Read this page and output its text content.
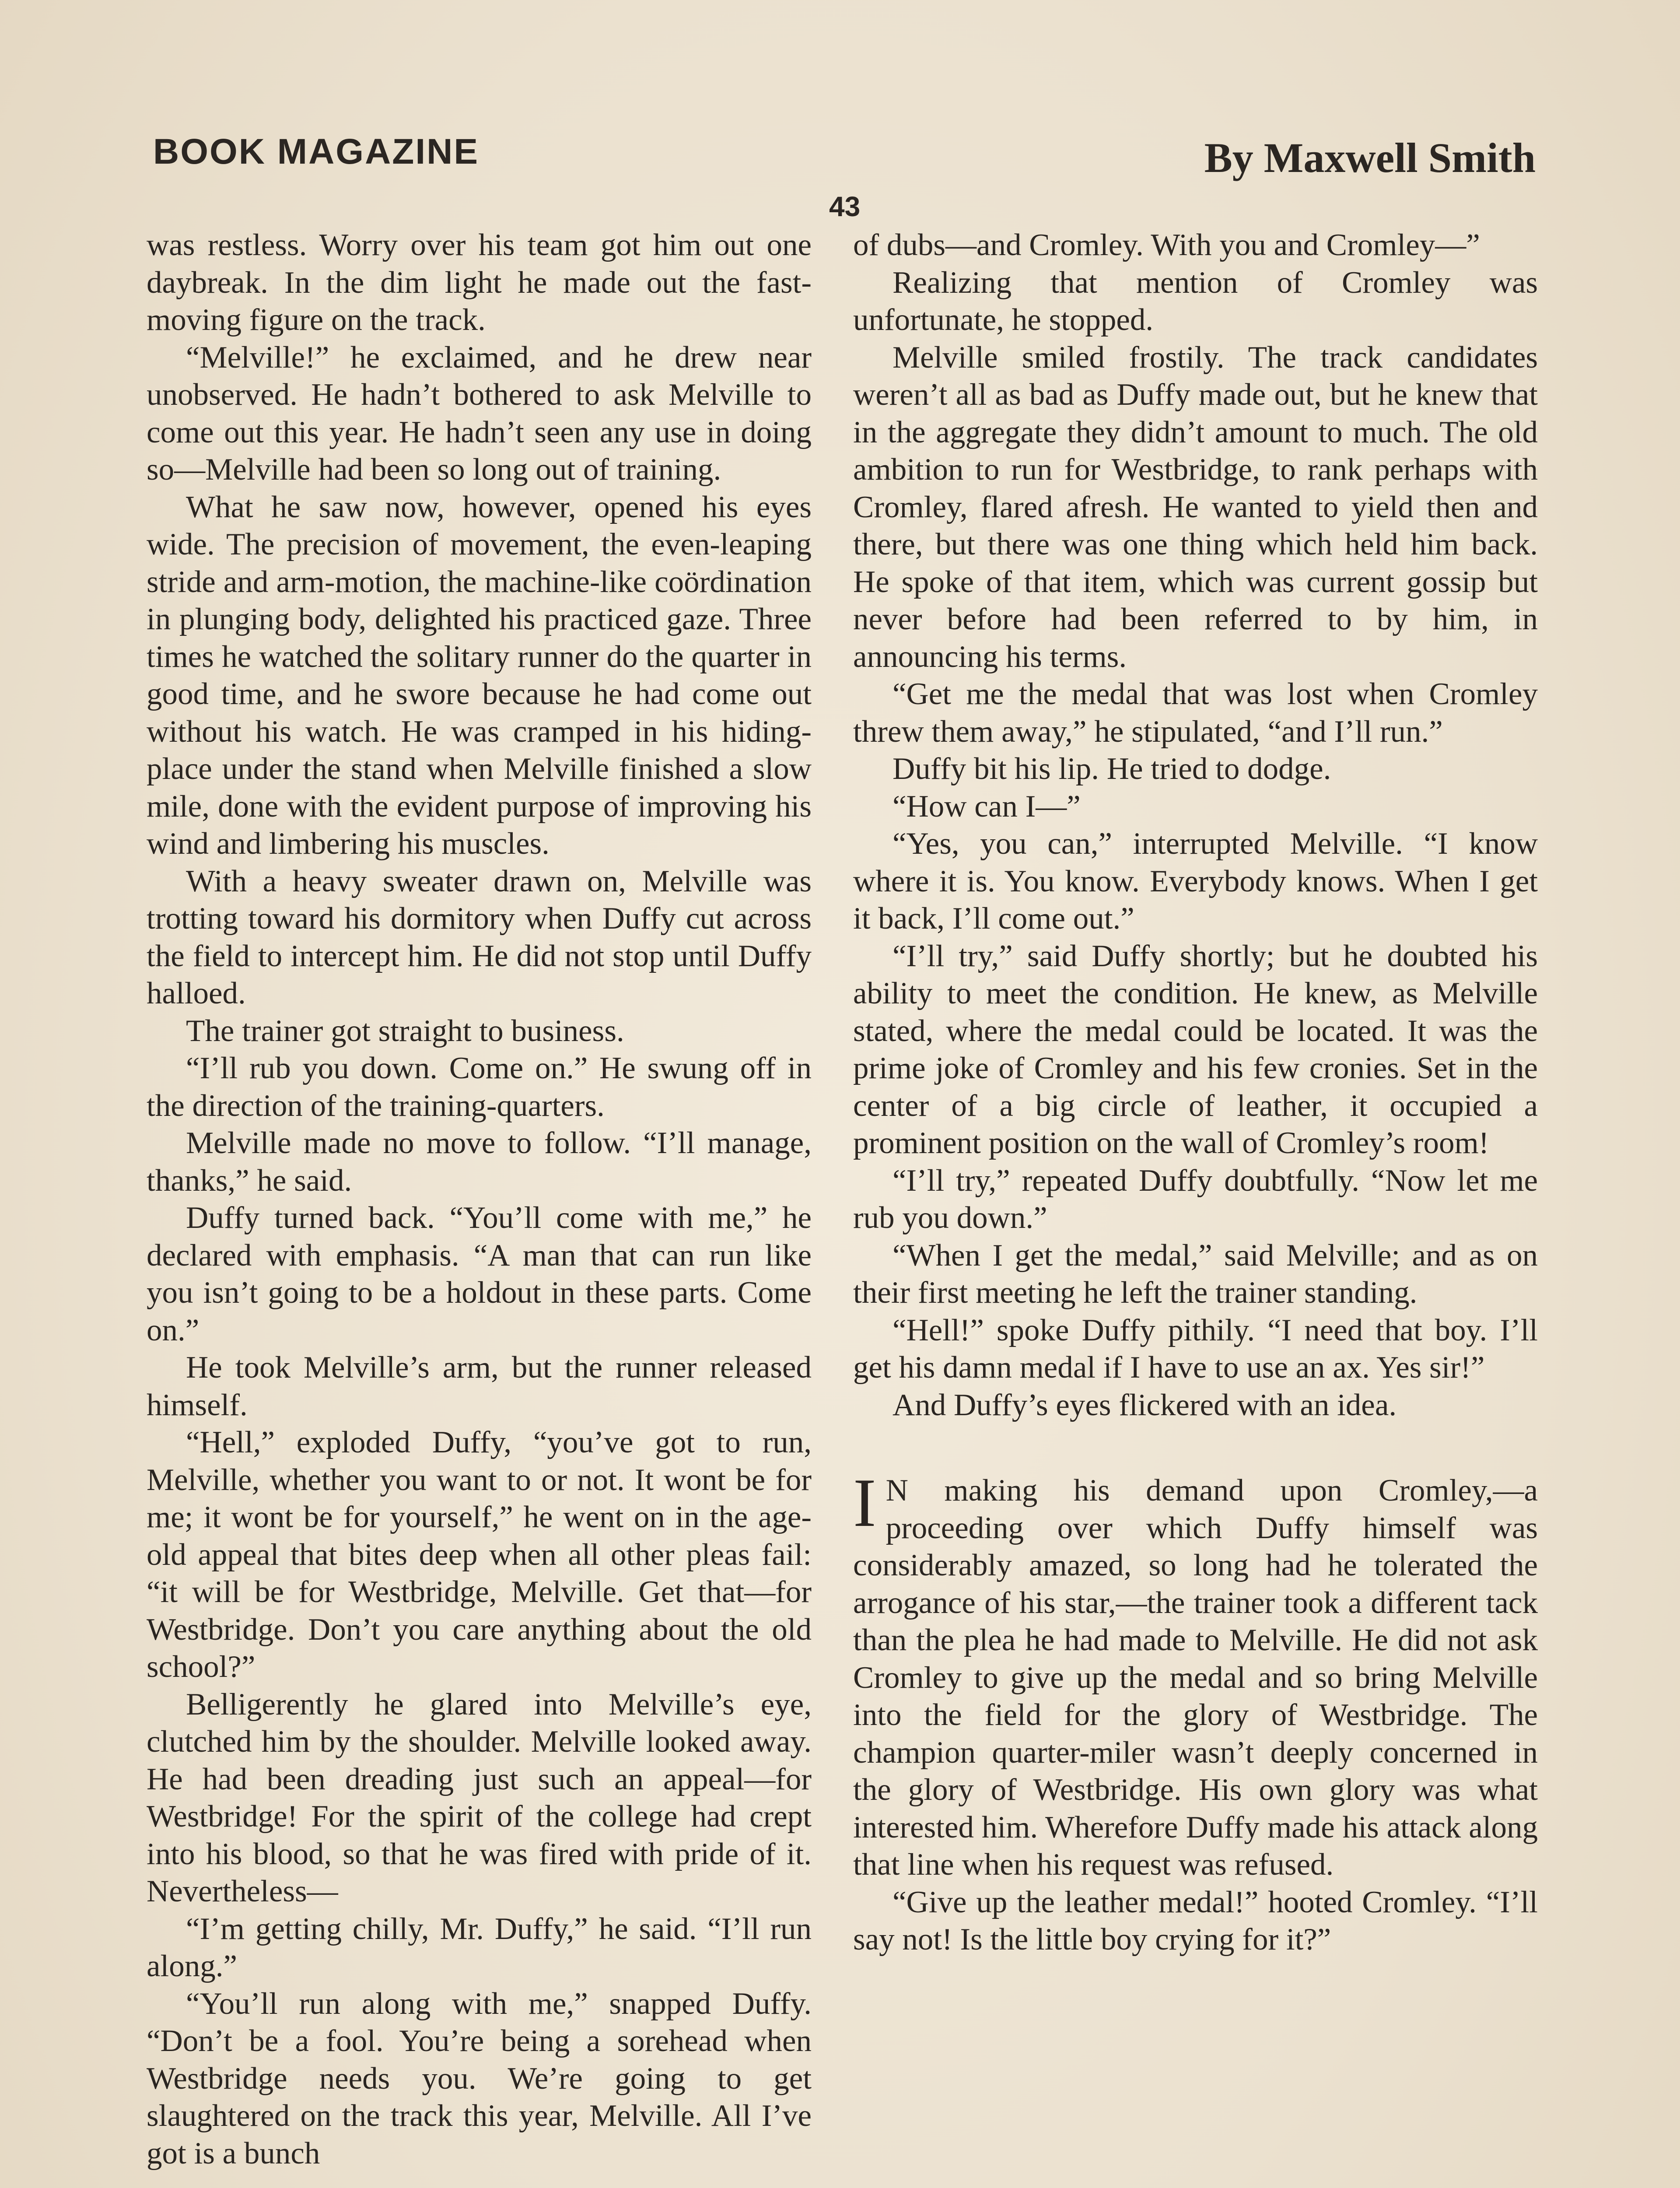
BOOK MAGAZINE	By Maxwell Smith
43

was restless. Worry over his team got him out one daybreak. In the dim light he made out the fast-moving figure on the track.

“Melville!” he exclaimed, and he drew near unobserved. He hadn’t bothered to ask Melville to come out this year. He hadn’t seen any use in doing so—Melville had been so long out of training.

What he saw now, however, opened his eyes wide. The precision of movement, the even-leaping stride and arm-motion, the machine-like coördination in plunging body, delighted his practiced gaze. Three times he watched the solitary runner do the quarter in good time, and he swore because he had come out without his watch. He was cramped in his hiding-place under the stand when Melville finished a slow mile, done with the evident purpose of improving his wind and limbering his muscles.

With a heavy sweater drawn on, Melville was trotting toward his dormitory when Duffy cut across the field to intercept him. He did not stop until Duffy halloed.

The trainer got straight to business.

“I’ll rub you down. Come on.” He swung off in the direction of the training-quarters.

Melville made no move to follow. “I’ll manage, thanks,” he said.

Duffy turned back. “You’ll come with me,” he declared with emphasis. “A man that can run like you isn’t going to be a holdout in these parts. Come on.”

He took Melville’s arm, but the runner released himself.

“Hell,” exploded Duffy, “you’ve got to run, Melville, whether you want to or not. It wont be for me; it wont be for yourself,” he went on in the age-old appeal that bites deep when all other pleas fail: “it will be for Westbridge, Melville. Get that—for Westbridge. Don’t you care anything about the old school?”

Belligerently he glared into Melville’s eye, clutched him by the shoulder. Melville looked away. He had been dreading just such an appeal—for Westbridge! For the spirit of the college had crept into his blood, so that he was fired with pride of it. Nevertheless—

“I’m getting chilly, Mr. Duffy,” he said. “I’ll run along.”

“You’ll run along with me,” snapped Duffy. “Don’t be a fool. You’re being a sorehead when Westbridge needs you. We’re going to get slaughtered on the track this year, Melville. All I’ve got is a bunch

of dubs—and Cromley. With you and Cromley—”

Realizing that mention of Cromley was unfortunate, he stopped.

Melville smiled frostily. The track candidates weren’t all as bad as Duffy made out, but he knew that in the aggregate they didn’t amount to much. The old ambition to run for Westbridge, to rank perhaps with Cromley, flared afresh. He wanted to yield then and there, but there was one thing which held him back. He spoke of that item, which was current gossip but never before had been referred to by him, in announcing his terms.

“Get me the medal that was lost when Cromley threw them away,” he stipulated, “and I’ll run.”

Duffy bit his lip. He tried to dodge.

“How can I—”

“Yes, you can,” interrupted Melville. “I know where it is. You know. Everybody knows. When I get it back, I’ll come out.”

“I’ll try,” said Duffy shortly; but he doubted his ability to meet the condition. He knew, as Melville stated, where the medal could be located. It was the prime joke of Cromley and his few cronies. Set in the center of a big circle of leather, it occupied a prominent position on the wall of Cromley’s room!

“I’ll try,” repeated Duffy doubtfully. “Now let me rub you down.”

“When I get the medal,” said Melville; and as on their first meeting he left the trainer standing.

“Hell!” spoke Duffy pithily. “I need that boy. I’ll get his damn medal if I have to use an ax. Yes sir!”

And Duffy’s eyes flickered with an idea.

I N making his demand upon Cromley,—a proceeding over which Duffy himself was considerably amazed, so long had he tolerated the arrogance of his star,—the trainer took a different tack than the plea he had made to Melville. He did not ask Cromley to give up the medal and so bring Melville into the field for the glory of Westbridge. The champion quarter-miler wasn’t deeply concerned in the glory of Westbridge. His own glory was what interested him. Wherefore Duffy made his attack along that line when his request was refused.

“Give up the leather medal!” hooted Cromley. “I’ll say not! Is the little boy crying for it?”
